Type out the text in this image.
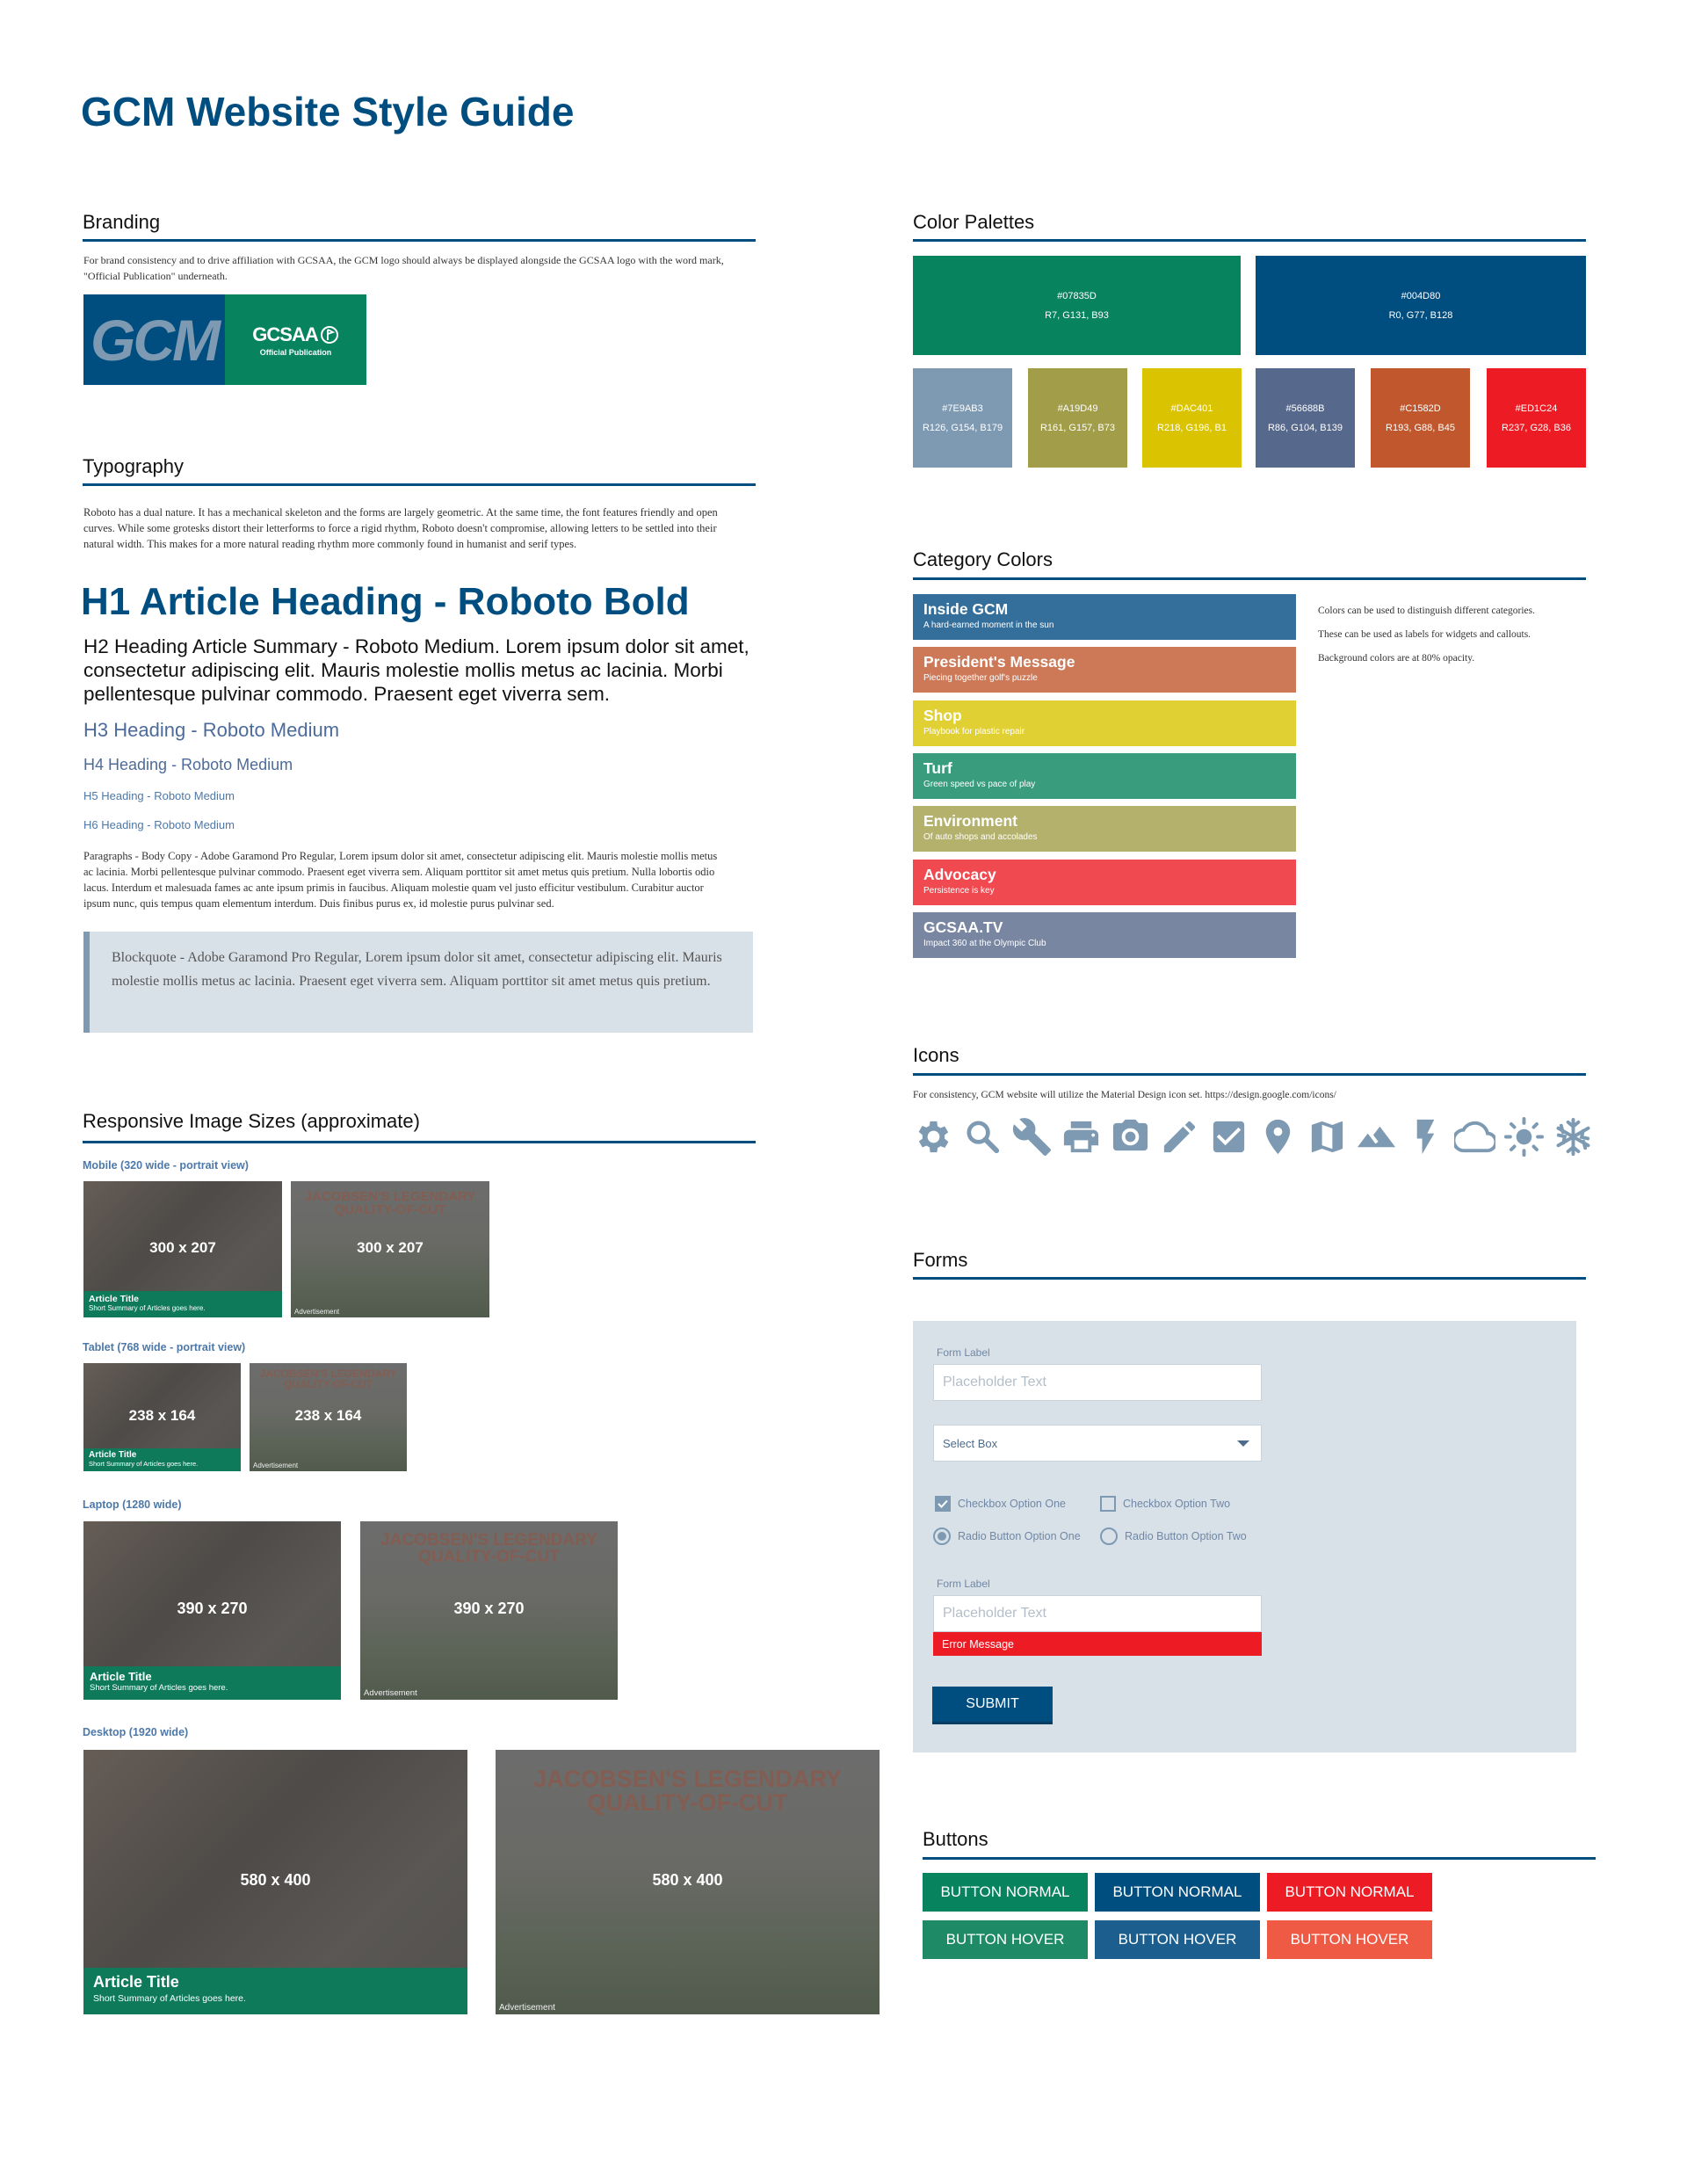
GCM Website Style Guide
Branding
For brand consistency and to drive affiliation with GCSAA, the GCM logo should always be displayed alongside the GCSAA logo with the word mark, "Official Publication" underneath.
GCM GCSAA
Official Publication
Typography
Roboto has a dual nature. It has a mechanical skeleton and the forms are largely geometric. At the same time, the font features friendly and open curves. While some grotesks distort their letterforms to force a rigid rhythm, Roboto doesn't compromise, allowing letters to be settled into their natural width. This makes for a more natural reading rhythm more commonly found in humanist and serif types.
H1 Article Heading - Roboto Bold
H2 Heading Article Summary - Roboto Medium. Lorem ipsum dolor sit amet, consectetur adipiscing elit. Mauris molestie mollis metus ac lacinia. Morbi pellentesque pulvinar commodo. Praesent eget viverra sem.
H3 Heading - Roboto Medium
H4 Heading - Roboto Medium
H5 Heading - Roboto Medium
H6 Heading - Roboto Medium
Paragraphs - Body Copy - Adobe Garamond Pro Regular, Lorem ipsum dolor sit amet, consectetur adipiscing elit. Mauris molestie mollis metus ac lacinia. Morbi pellentesque pulvinar commodo. Praesent eget viverra sem. Aliquam porttitor sit amet metus quis pretium. Nulla lobortis odio lacus. Interdum et malesuada fames ac ante ipsum primis in faucibus. Aliquam molestie quam vel justo efficitur vestibulum. Curabitur auctor ipsum nunc, quis tempus quam elementum interdum. Duis finibus purus ex, id molestie purus pulvinar sed.
Blockquote - Adobe Garamond Pro Regular, Lorem ipsum dolor sit amet, consectetur adipiscing elit. Mauris molestie mollis metus ac lacinia. Praesent eget viverra sem. Aliquam porttitor sit amet metus quis pretium.
Responsive Image Sizes (approximate)
Mobile (320 wide - portrait view)
300 x 207
Article Title
Short Summary of Articles goes here.
JACOBSEN'S LEGENDARY QUALITY-OF-CUT
300 x 207
Advertisement
Tablet (768 wide - portrait view)
238 x 164
Article Title
Short Summary of Articles goes here.
JACOBSEN'S LEGENDARY QUALITY-OF-CUT
238 x 164
Advertisement
Laptop (1280 wide)
390 x 270
Article Title
Short Summary of Articles goes here.
JACOBSEN'S LEGENDARY QUALITY-OF-CUT
390 x 270
Advertisement
Desktop (1920 wide)
580 x 400
Article Title
Short Summary of Articles goes here.
JACOBSEN'S LEGENDARY QUALITY-OF-CUT
580 x 400
Advertisement
Color Palettes
#07835D
R7, G131, B93
#004D80
R0, G77, B128
#7E9AB3
R126, G154, B179
#A19D49
R161, G157, B73
#DAC401
R218, G196, B1
#56688B
R86, G104, B139
#C1582D
R193, G88, B45
#ED1C24
R237, G28, B36
Category Colors
Inside GCM
A hard-earned moment in the sun
President's Message
Piecing together golf's puzzle
Shop
Playbook for plastic repair
Turf
Green speed vs pace of play
Environment
Of auto shops and accolades
Advocacy
Persistence is key
GCSAA.TV
Impact 360 at the Olympic Club
Colors can be used to distinguish different categories.
These can be used as labels for widgets and callouts.
Background colors are at 80% opacity.
Icons
For consistency, GCM website will utilize the Material Design icon set. https://design.google.com/icons/
Forms
Form Label
Placeholder Text
Select Box
Checkbox Option One	Checkbox Option Two
Radio Button Option One	Radio Button Option Two
Form Label
Placeholder Text
Error Message
SUBMIT
Buttons
BUTTON NORMAL	BUTTON NORMAL	BUTTON NORMAL
BUTTON HOVER	BUTTON HOVER	BUTTON HOVER
